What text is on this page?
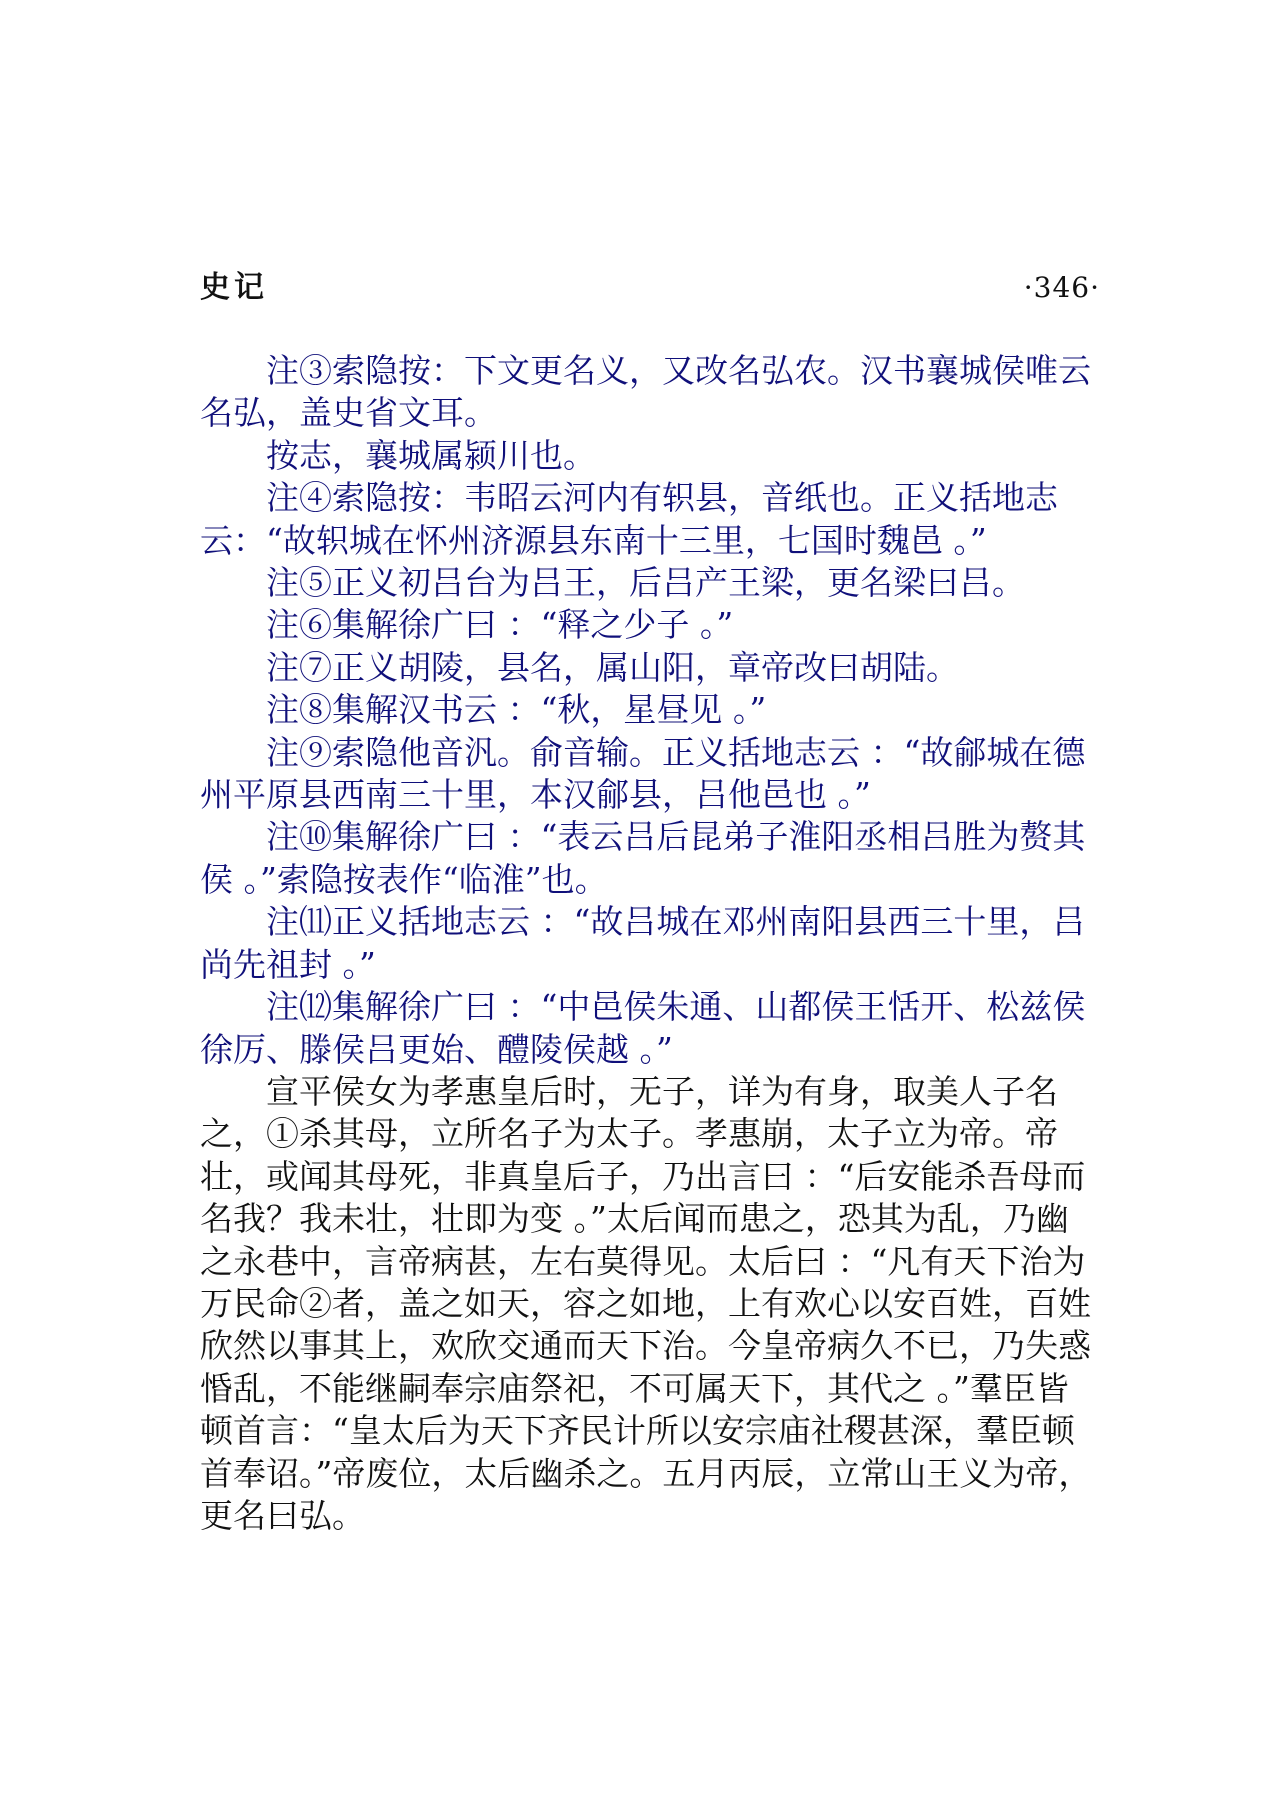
史记	·346·

注③索隐按：下文更名义，又改名弘农。汉书襄城侯唯云名弘，盖史省文耳。

按志，襄城属颍川也。

注④索隐按：韦昭云河内有轵县，音纸也。正义括地志云：“故轵城在怀州济源县东南十三里，七国时魏邑 。”

注⑤正义初吕台为吕王，后吕产王梁，更名梁曰吕。

注⑥集解徐广曰 ：“释之少子 。”

注⑦正义胡陵，县名，属山阳，章帝改曰胡陆。

注⑧集解汉书云 ：“秋，星昼见 。”

注⑨索隐他音汎。俞音输。正义括地志云 ：“故鄃城在德州平原县西南三十里，本汉鄃县，吕他邑也 。”

注⑩集解徐广曰 ：“表云吕后昆弟子淮阳丞相吕胜为赘其侯 。”索隐按表作“临淮”也。

注⑾正义括地志云 ：“故吕城在邓州南阳县西三十里，吕尚先祖封 。”

注⑿集解徐广曰 ：“中邑侯朱通、山都侯王恬开、松兹侯徐厉、滕侯吕更始、醴陵侯越 。”

宣平侯女为孝惠皇后时，无子，详为有身，取美人子名之，①杀其母，立所名子为太子。孝惠崩，太子立为帝。帝壮，或闻其母死，非真皇后子，乃出言曰 ：“后安能杀吾母而名我？我未壮，壮即为变 。”太后闻而患之，恐其为乱，乃幽之永巷中，言帝病甚，左右莫得见。太后曰 ：“凡有天下治为万民命②者，盖之如天，容之如地，上有欢心以安百姓，百姓欣然以事其上，欢欣交通而天下治。今皇帝病久不已，乃失惑惛乱，不能继嗣奉宗庙祭祀，不可属天下，其代之 。”羣臣皆顿首言：“皇太后为天下齐民计所以安宗庙社稷甚深，羣臣顿首奉诏。”帝废位，太后幽杀之。五月丙辰，立常山王义为帝，更名曰弘。
